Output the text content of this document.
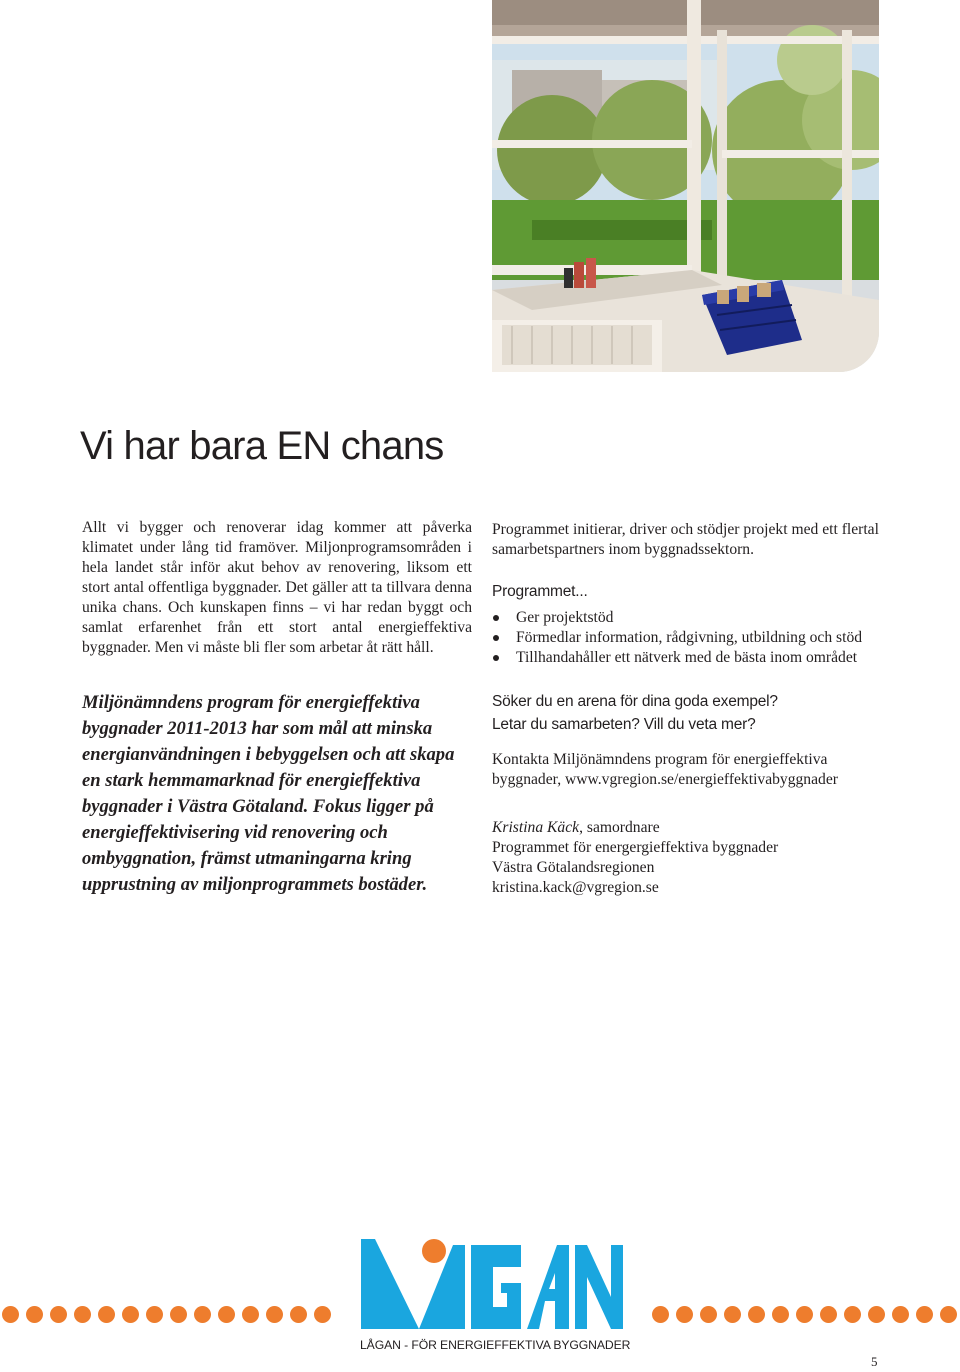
Vi har bara EN chans

Allt vi bygger och renoverar idag kommer att påverka klimatet under lång tid framöver. Miljonprogramsområden i hela landet står inför akut behov av renovering, liksom ett stort antal offentliga byggnader. Det gäller att ta tillvara denna unika chans. Och kunskapen finns – vi har redan byggt och samlat erfarenhet från ett stort antal energieffektiva byggnader. Men vi måste bli fler som arbetar åt rätt håll.

Miljönämndens program för energieffektiva byggnader 2011-2013 har som mål att minska energianvändningen i bebyggelsen och att skapa en stark hemmamarknad för energieffektiva byggnader i Västra Götaland. Fokus ligger på energieffektivisering vid renovering och ombyggnation, främst utmaningarna kring upprustning av miljonprogrammets bostäder.

Programmet initierar, driver och stödjer projekt med ett flertal samarbetspartners inom byggnadssektorn.

Programmet...

Ger projektstöd
Förmedlar information, rådgivning, utbildning och stöd
Tillhandahåller ett nätverk med de bästa inom området

Söker du en arena för dina goda exempel?

Letar du samarbeten? Vill du veta mer?

Kontakta Miljönämndens program för energieffektiva byggnader, www.vgregion.se/energieffektivabyggnader

Kristina Käck, samordnare

Programmet för energergieffektiva byggnader

Västra Götalandsregionen

kristina.kack@vgregion.se

LÅGAN - FÖR ENERGIEFFEKTIVA BYGGNADER
5
